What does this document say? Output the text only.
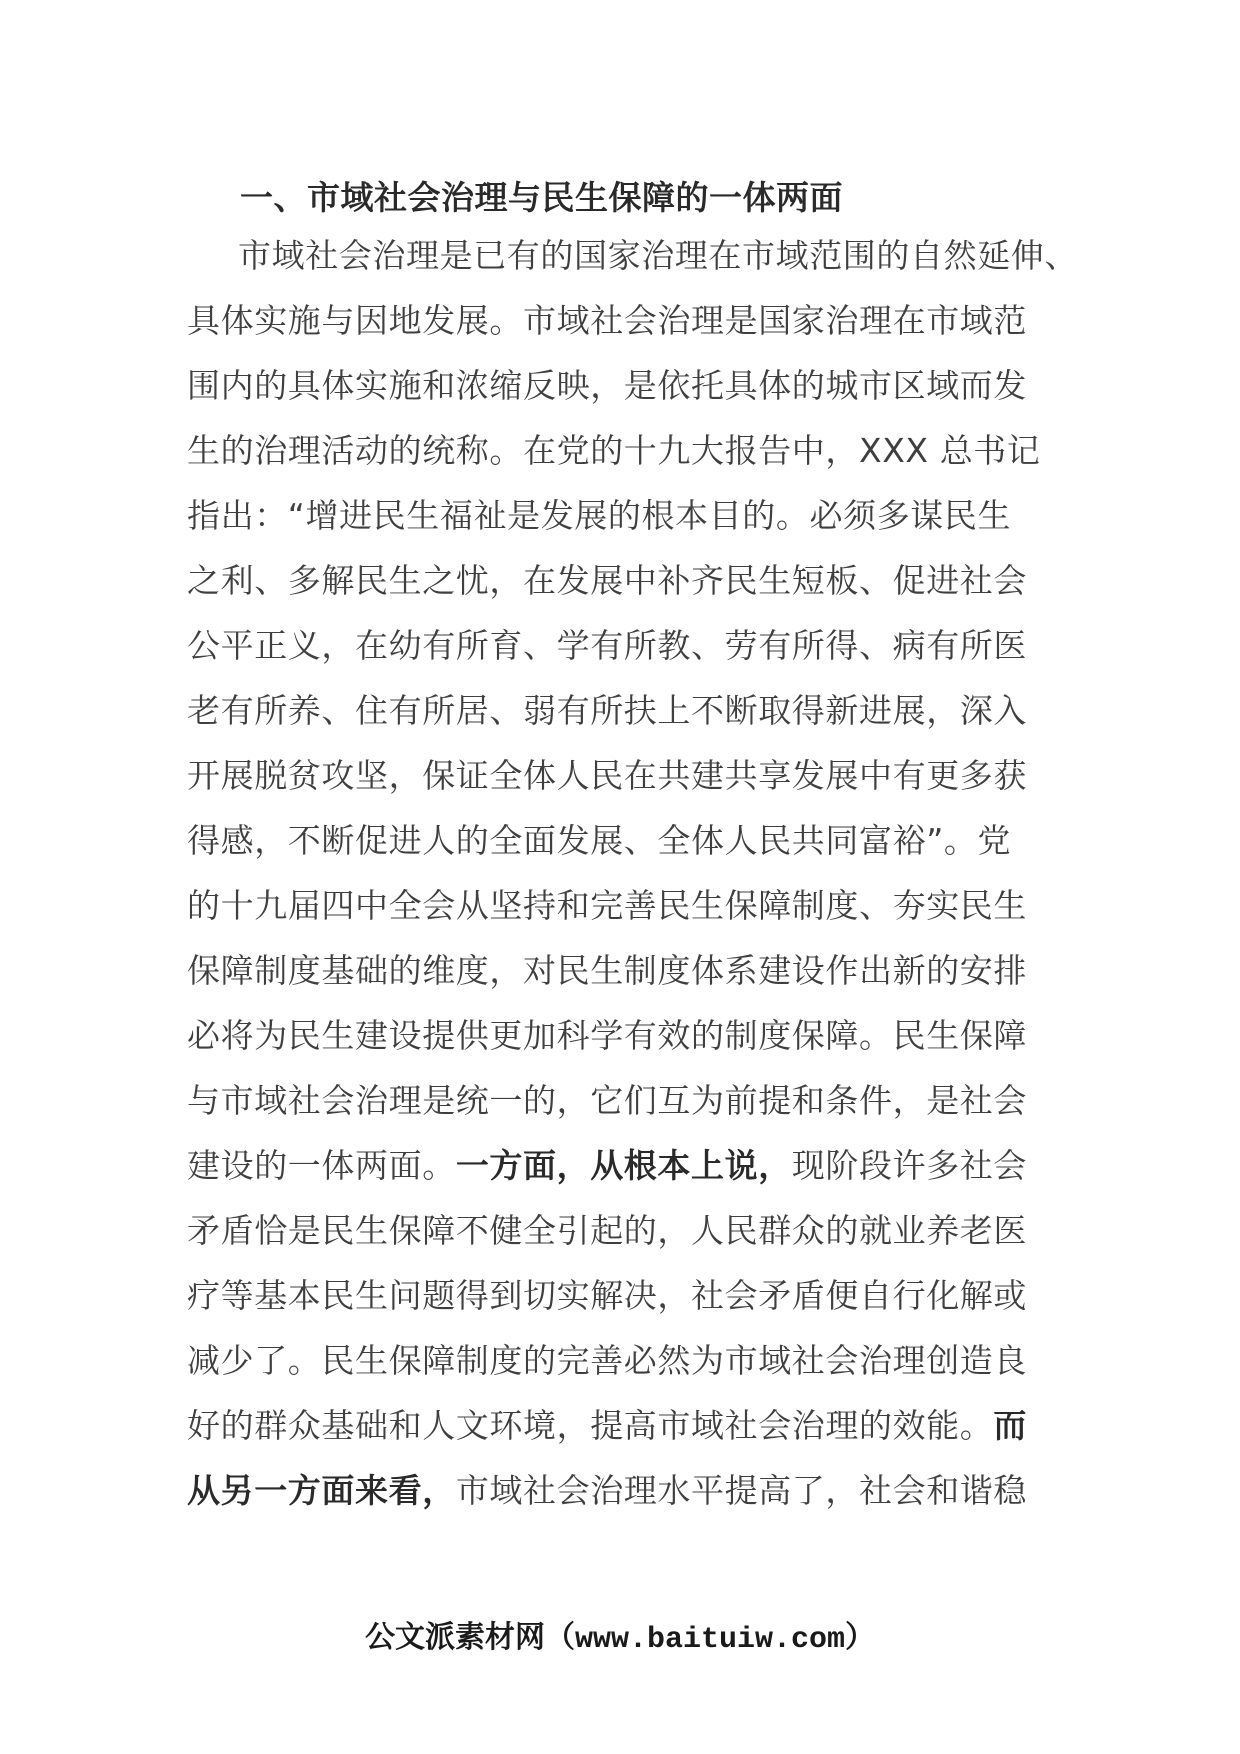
一、市域社会治理与民生保障的一体两面
市域社会治理是已有的国家治理在市域范围的自然延伸、
具体实施与因地发展。市域社会治理是国家治理在市域范
围内的具体实施和浓缩反映，是依托具体的城市区域而发
生的治理活动的统称。在党的十九大报告中，XXX 总书记
指出：“增进民生福祉是发展的根本目的。必须多谋民生
之利、多解民生之忧，在发展中补齐民生短板、促进社会
公平正义，在幼有所育、学有所教、劳有所得、病有所医
老有所养、住有所居、弱有所扶上不断取得新进展，深入
开展脱贫攻坚，保证全体人民在共建共享发展中有更多获
得感，不断促进人的全面发展、全体人民共同富裕”。党
的十九届四中全会从坚持和完善民生保障制度、夯实民生
保障制度基础的维度，对民生制度体系建设作出新的安排
必将为民生建设提供更加科学有效的制度保障。民生保障
与市域社会治理是统一的，它们互为前提和条件，是社会
建设的一体两面。一方面，从根本上说，现阶段许多社会
矛盾恰是民生保障不健全引起的，人民群众的就业养老医
疗等基本民生问题得到切实解决，社会矛盾便自行化解或
减少了。民生保障制度的完善必然为市域社会治理创造良
好的群众基础和人文环境，提高市域社会治理的效能。而
从另一方面来看，市域社会治理水平提高了，社会和谐稳
公文派素材网（www.baituiw.com）
